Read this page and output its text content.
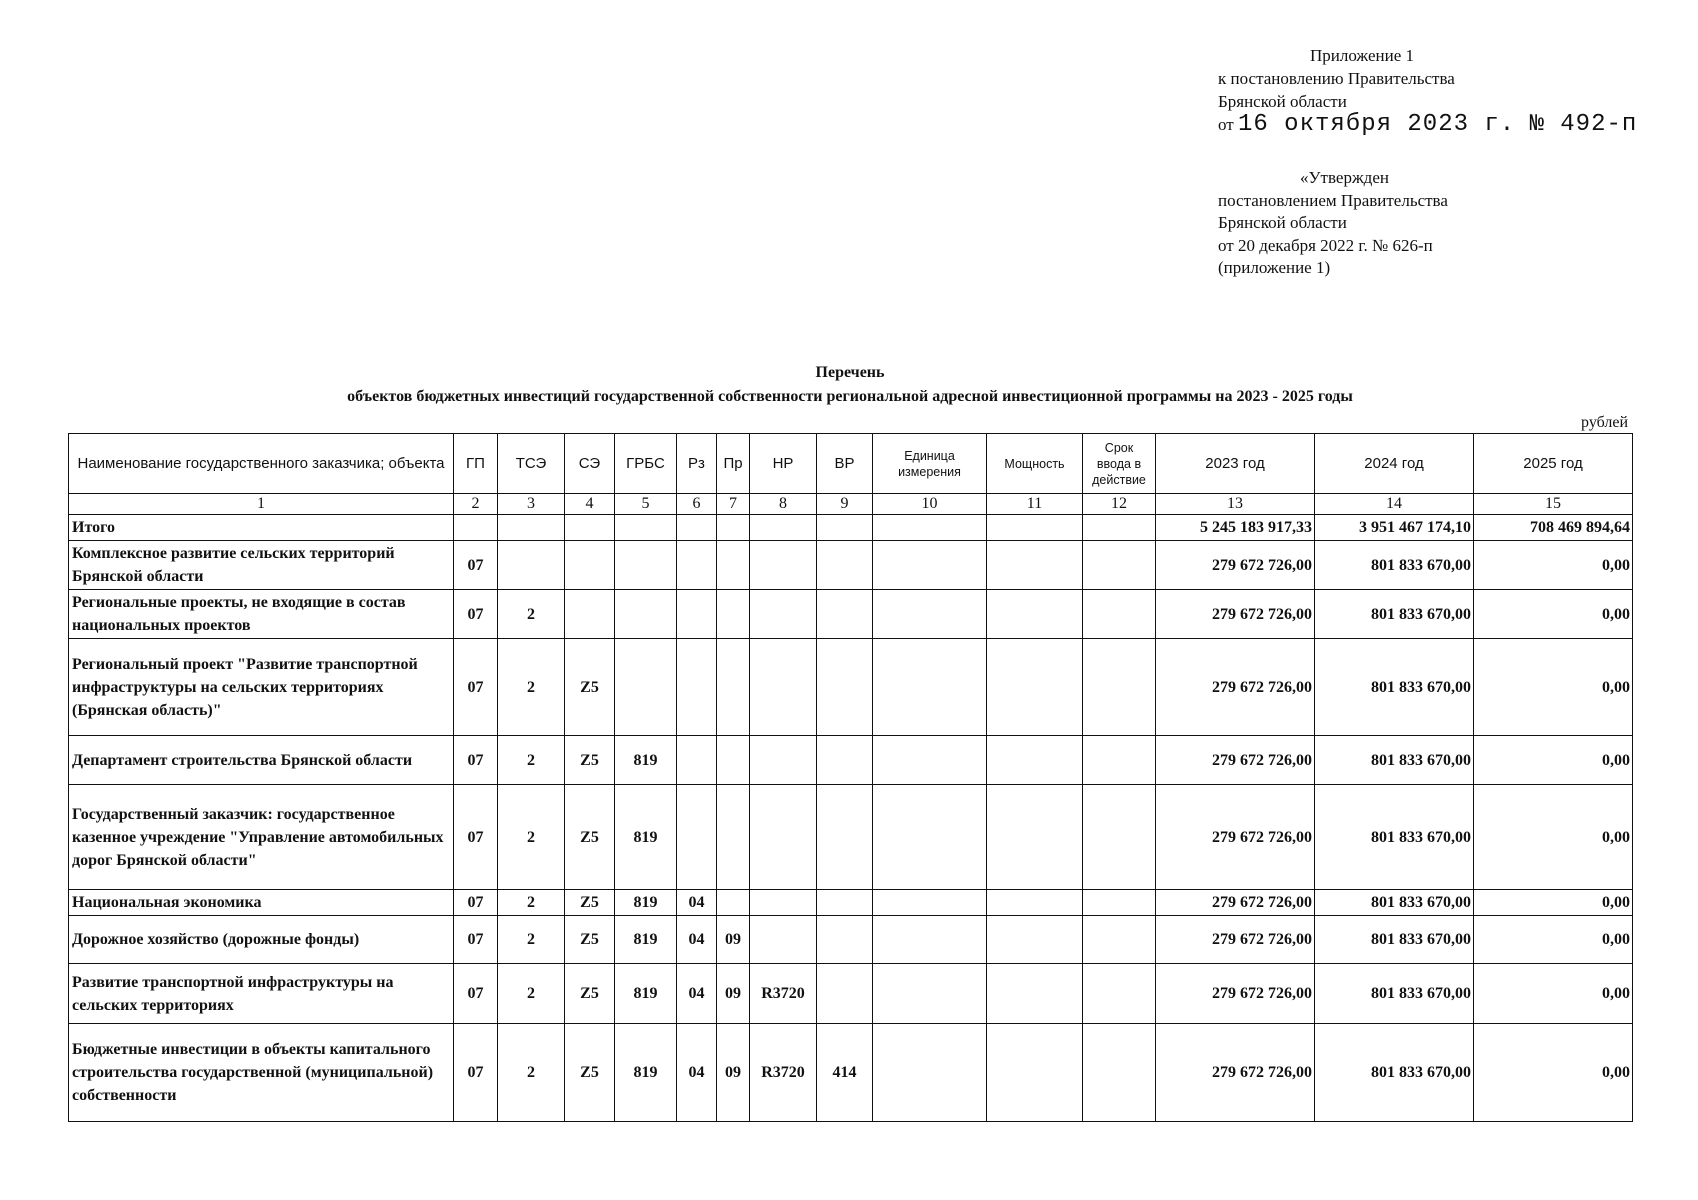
Приложение 1
к постановлению Правительства
Брянской области
от 16 октября 2023 г. № 492-п
«Утвержден
постановлением Правительства
Брянской области
от 20 декабря 2022 г. № 626-п
(приложение 1)
Перечень
объектов бюджетных инвестиций государственной собственности региональной адресной инвестиционной программы на 2023 - 2025 годы
рублей
Наименование государственного заказчика; объекта	ГП	ТСЭ	СЭ	ГРБС	Рз	Пр	НР	ВР	Единица измерения	Мощность	Срок ввода в действие	2023 год	2024 год	2025 год
1	2	3	4	5	6	7	8	9	10	11	12	13	14	15
Итого												5 245 183 917,33	3 951 467 174,10	708 469 894,64
Комплексное развитие сельских территорий Брянской области	07											279 672 726,00	801 833 670,00	0,00
Региональные проекты, не входящие в состав национальных проектов	07	2										279 672 726,00	801 833 670,00	0,00
Региональный проект "Развитие транспортной инфраструктуры на сельских территориях (Брянская область)"	07	2	Z5									279 672 726,00	801 833 670,00	0,00
Департамент строительства Брянской области	07	2	Z5	819								279 672 726,00	801 833 670,00	0,00
Государственный заказчик: государственное казенное учреждение "Управление автомобильных дорог Брянской области"	07	2	Z5	819								279 672 726,00	801 833 670,00	0,00
Национальная экономика	07	2	Z5	819	04							279 672 726,00	801 833 670,00	0,00
Дорожное хозяйство (дорожные фонды)	07	2	Z5	819	04	09						279 672 726,00	801 833 670,00	0,00
Развитие транспортной инфраструктуры на сельских территориях	07	2	Z5	819	04	09	R3720					279 672 726,00	801 833 670,00	0,00
Бюджетные инвестиции в объекты капитального строительства государственной (муниципальной) собственности	07	2	Z5	819	04	09	R3720	414				279 672 726,00	801 833 670,00	0,00
